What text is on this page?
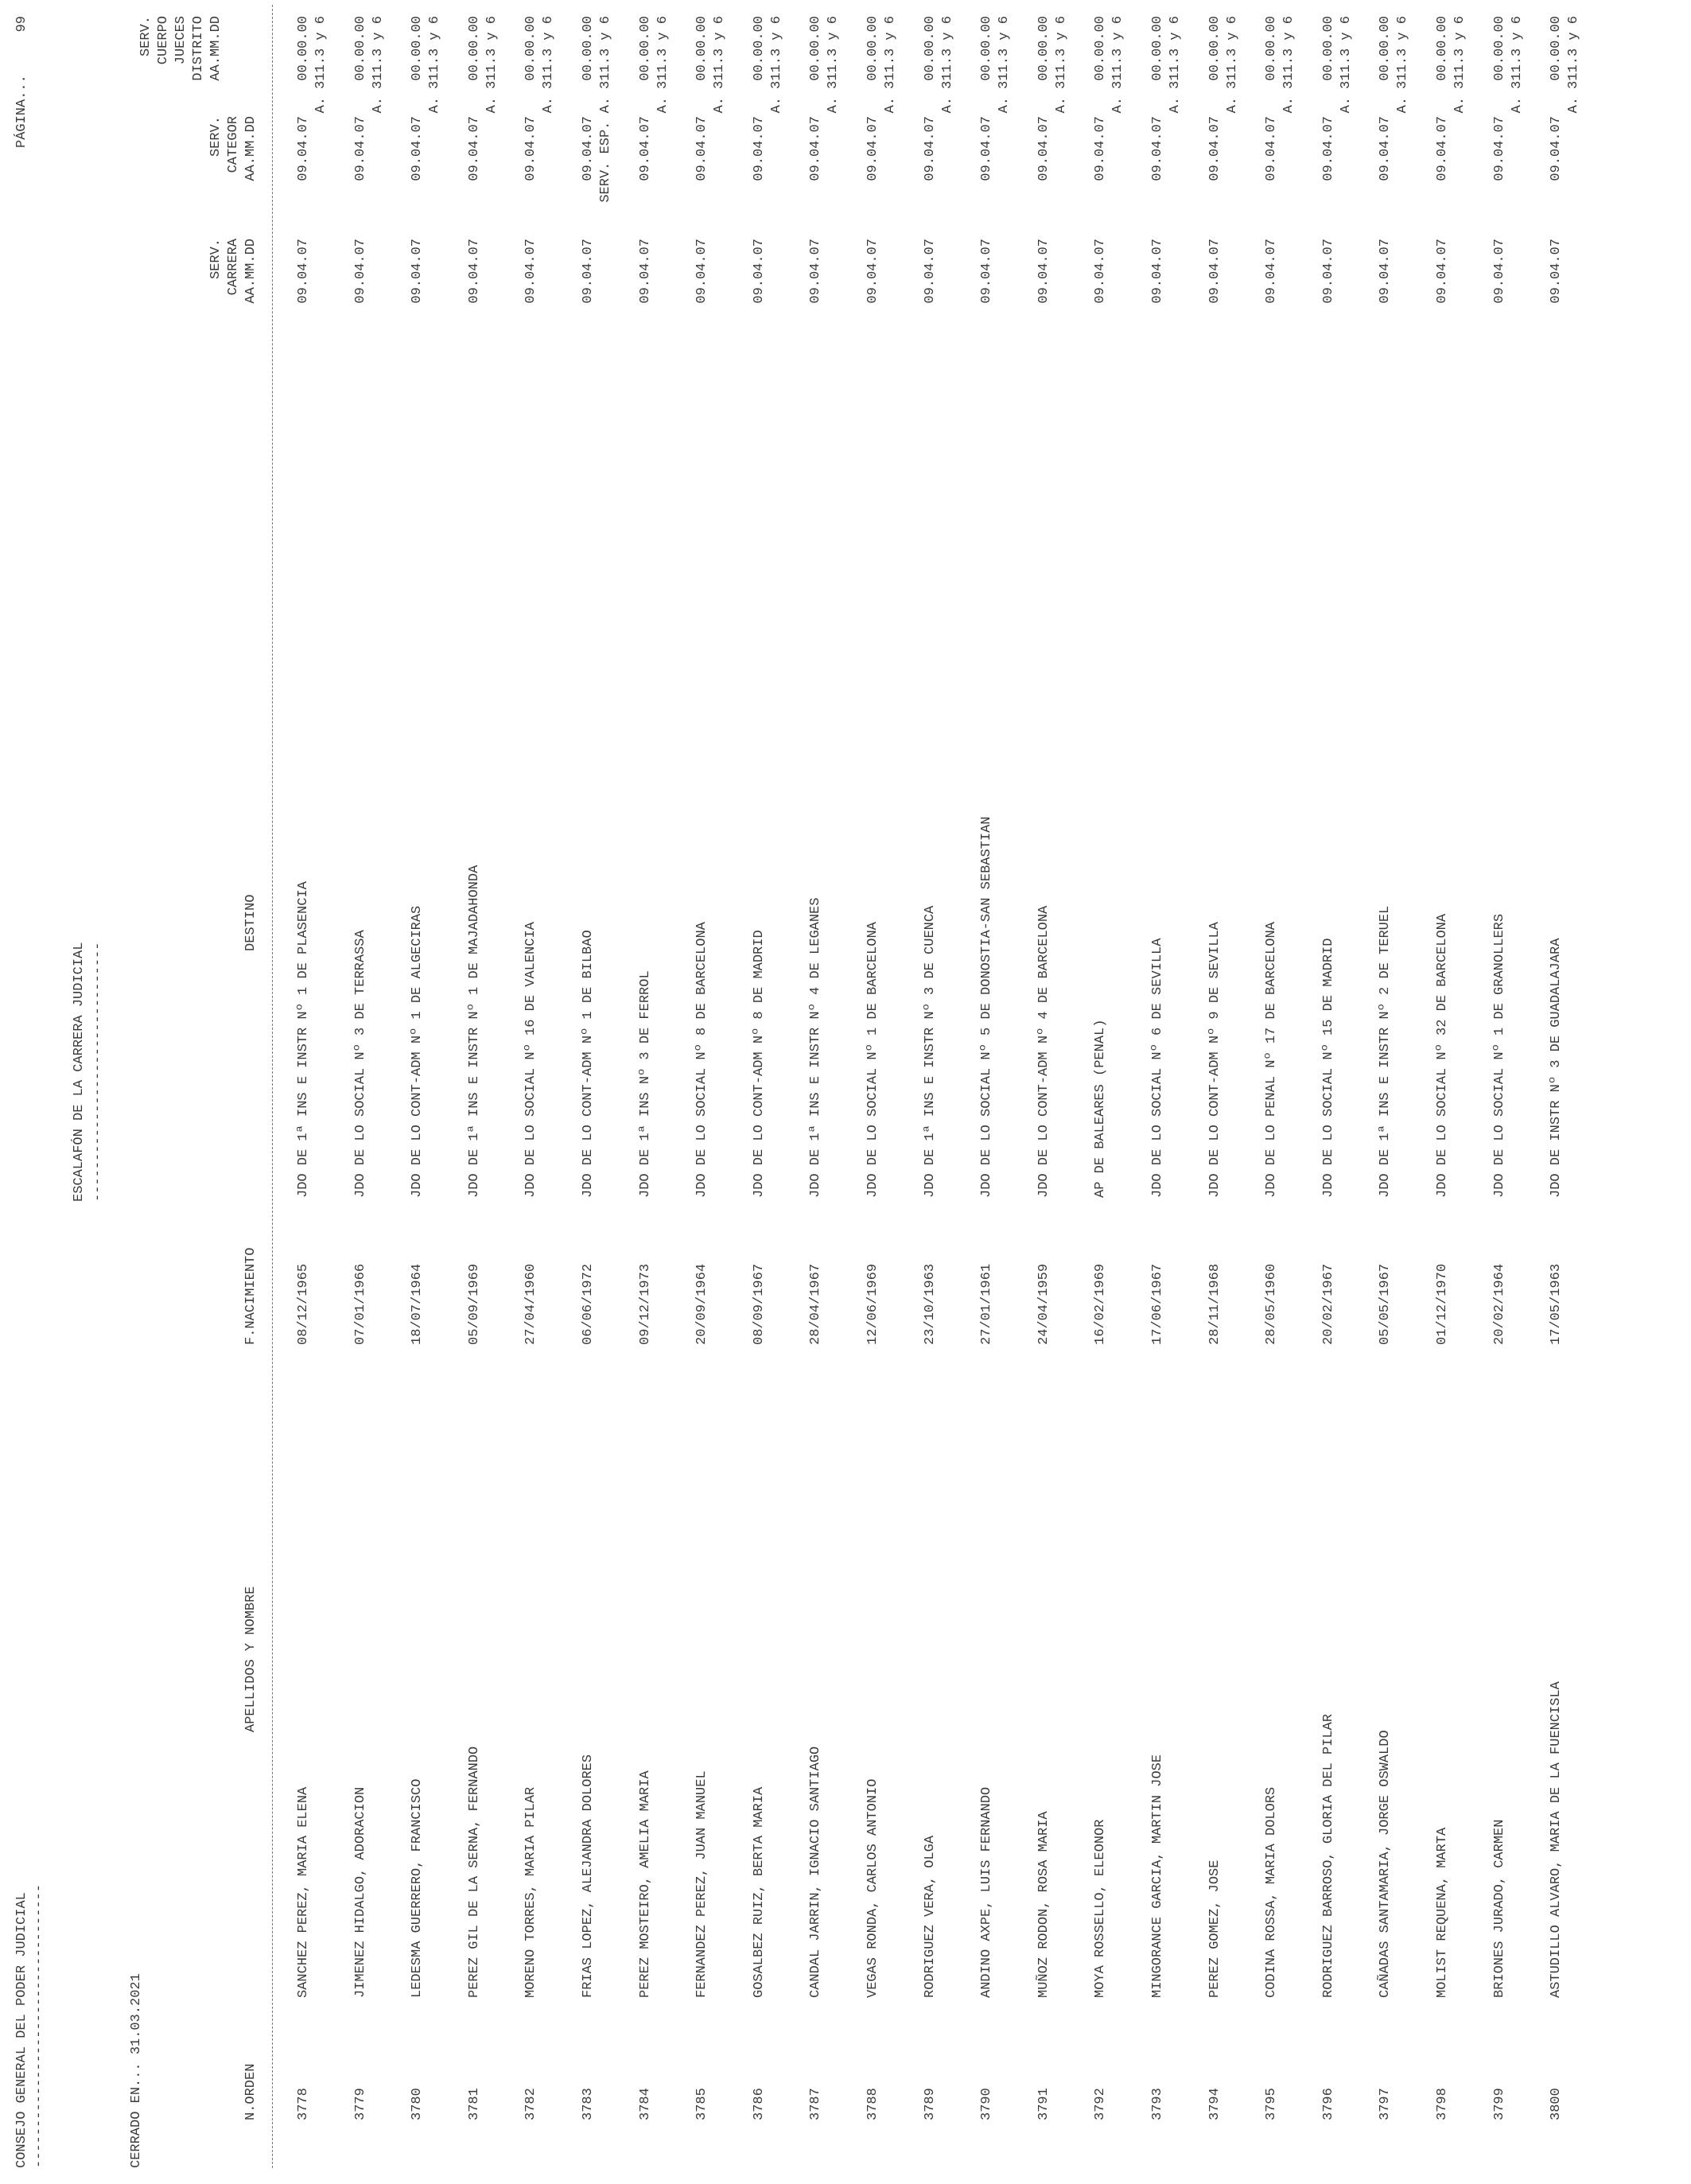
CONSEJO GENERAL DEL PODER JUDICIAL

-----------------------------------

PÁGINA...

99

ESCALAFÓN DE LA CARRERA JUDICIAL

--------------------------------

CERRADO EN... 31.03.2021

	N.ORDEN

APELLIDOS Y NOMBRE

F.NACIMIENTO

DESTINO

SERV.

CARRERA

AA.MM.DD

SERV.

CATEGOR

AA.MM.DD

SERV.

CUERPO

JUECES

DISTRITO

AA.MM.DD

3778
SANCHEZ PEREZ, MARIA ELENA
08/12/1965
JDO DE 1ª INS E INSTR Nº 1 DE PLASENCIA
09.04.07
09.04.07
00.00.00 A. 311.3 y 6
3779
JIMENEZ HIDALGO, ADORACION
07/01/1966
JDO DE LO SOCIAL Nº 3 DE TERRASSA
09.04.07
09.04.07
00.00.00 A. 311.3 y 6
3780
LEDESMA GUERRERO, FRANCISCO
18/07/1964
JDO DE LO CONT-ADM Nº 1 DE ALGECIRAS
09.04.07
09.04.07
00.00.00 A. 311.3 y 6
3781
PEREZ GIL DE LA SERNA, FERNANDO
05/09/1969
JDO DE 1ª INS E INSTR Nº 1 DE MAJADAHONDA
09.04.07
09.04.07
00.00.00 A. 311.3 y 6
3782
MORENO TORRES, MARIA PILAR
27/04/1960
JDO DE LO SOCIAL Nº 16 DE VALENCIA
09.04.07
09.04.07
00.00.00 A. 311.3 y 6
3783
FRIAS LOPEZ, ALEJANDRA DOLORES
06/06/1972
JDO DE LO CONT-ADM Nº 1 DE BILBAO
09.04.07
09.04.07
00.00.00 SERV. ESP. A. 311.3 y 6
3784
PEREZ MOSTEIRO, AMELIA MARIA
09/12/1973
JDO DE 1ª INS Nº 3 DE FERROL
09.04.07
09.04.07
00.00.00 A. 311.3 y 6
3785
FERNANDEZ PEREZ, JUAN MANUEL
20/09/1964
JDO DE LO SOCIAL Nº 8 DE BARCELONA
09.04.07
09.04.07
00.00.00 A. 311.3 y 6
3786
GOSALBEZ RUIZ, BERTA MARIA
08/09/1967
JDO DE LO CONT-ADM Nº 8 DE MADRID
09.04.07
09.04.07
00.00.00 A. 311.3 y 6
3787
CANDAL JARRIN, IGNACIO SANTIAGO
28/04/1967
JDO DE 1ª INS E INSTR Nº 4 DE LEGANES
09.04.07
09.04.07
00.00.00 A. 311.3 y 6
3788
VEGAS RONDA, CARLOS ANTONIO
12/06/1969
JDO DE LO SOCIAL Nº 1 DE BARCELONA
09.04.07
09.04.07
00.00.00 A. 311.3 y 6
3789
RODRIGUEZ VERA, OLGA
23/10/1963
JDO DE 1ª INS E INSTR Nº 3 DE CUENCA
09.04.07
09.04.07
00.00.00 A. 311.3 y 6
3790
ANDINO AXPE, LUIS FERNANDO
27/01/1961
JDO DE LO SOCIAL Nº 5 DE DONOSTIA-SAN SEBASTIAN
09.04.07
09.04.07
00.00.00 A. 311.3 y 6
3791
MUÑOZ RODON, ROSA MARIA
24/04/1959
JDO DE LO CONT-ADM Nº 4 DE BARCELONA
09.04.07
09.04.07
00.00.00 A. 311.3 y 6
3792
MOYA ROSSELLO, ELEONOR
16/02/1969
AP DE BALEARES (PENAL)
09.04.07
09.04.07
00.00.00 A. 311.3 y 6
3793
MINGORANCE GARCIA, MARTIN JOSE
17/06/1967
JDO DE LO SOCIAL Nº 6 DE SEVILLA
09.04.07
09.04.07
00.00.00 A. 311.3 y 6
3794
PEREZ GOMEZ, JOSE
28/11/1968
JDO DE LO CONT-ADM Nº 9 DE SEVILLA
09.04.07
09.04.07
00.00.00 A. 311.3 y 6
3795
CODINA ROSSA, MARIA DOLORS
28/05/1960
JDO DE LO PENAL Nº 17 DE BARCELONA
09.04.07
09.04.07
00.00.00 A. 311.3 y 6
3796
RODRIGUEZ BARROSO, GLORIA DEL PILAR
20/02/1967
JDO DE LO SOCIAL Nº 15 DE MADRID
09.04.07
09.04.07
00.00.00 A. 311.3 y 6
3797
CAÑADAS SANTAMARIA, JORGE OSWALDO
05/05/1967
JDO DE 1ª INS E INSTR Nº 2 DE TERUEL
09.04.07
09.04.07
00.00.00 A. 311.3 y 6
3798
MOLIST REQUENA, MARTA
01/12/1970
JDO DE LO SOCIAL Nº 32 DE BARCELONA
09.04.07
09.04.07
00.00.00 A. 311.3 y 6
3799
BRIONES JURADO, CARMEN
20/02/1964
JDO DE LO SOCIAL Nº 1 DE GRANOLLERS
09.04.07
09.04.07
00.00.00 A. 311.3 y 6
3800
ASTUDILLO ALVARO, MARIA DE LA FUENCISLA
17/05/1963
JDO DE INSTR Nº 3 DE GUADALAJARA
09.04.07
09.04.07
00.00.00 A. 311.3 y 6
